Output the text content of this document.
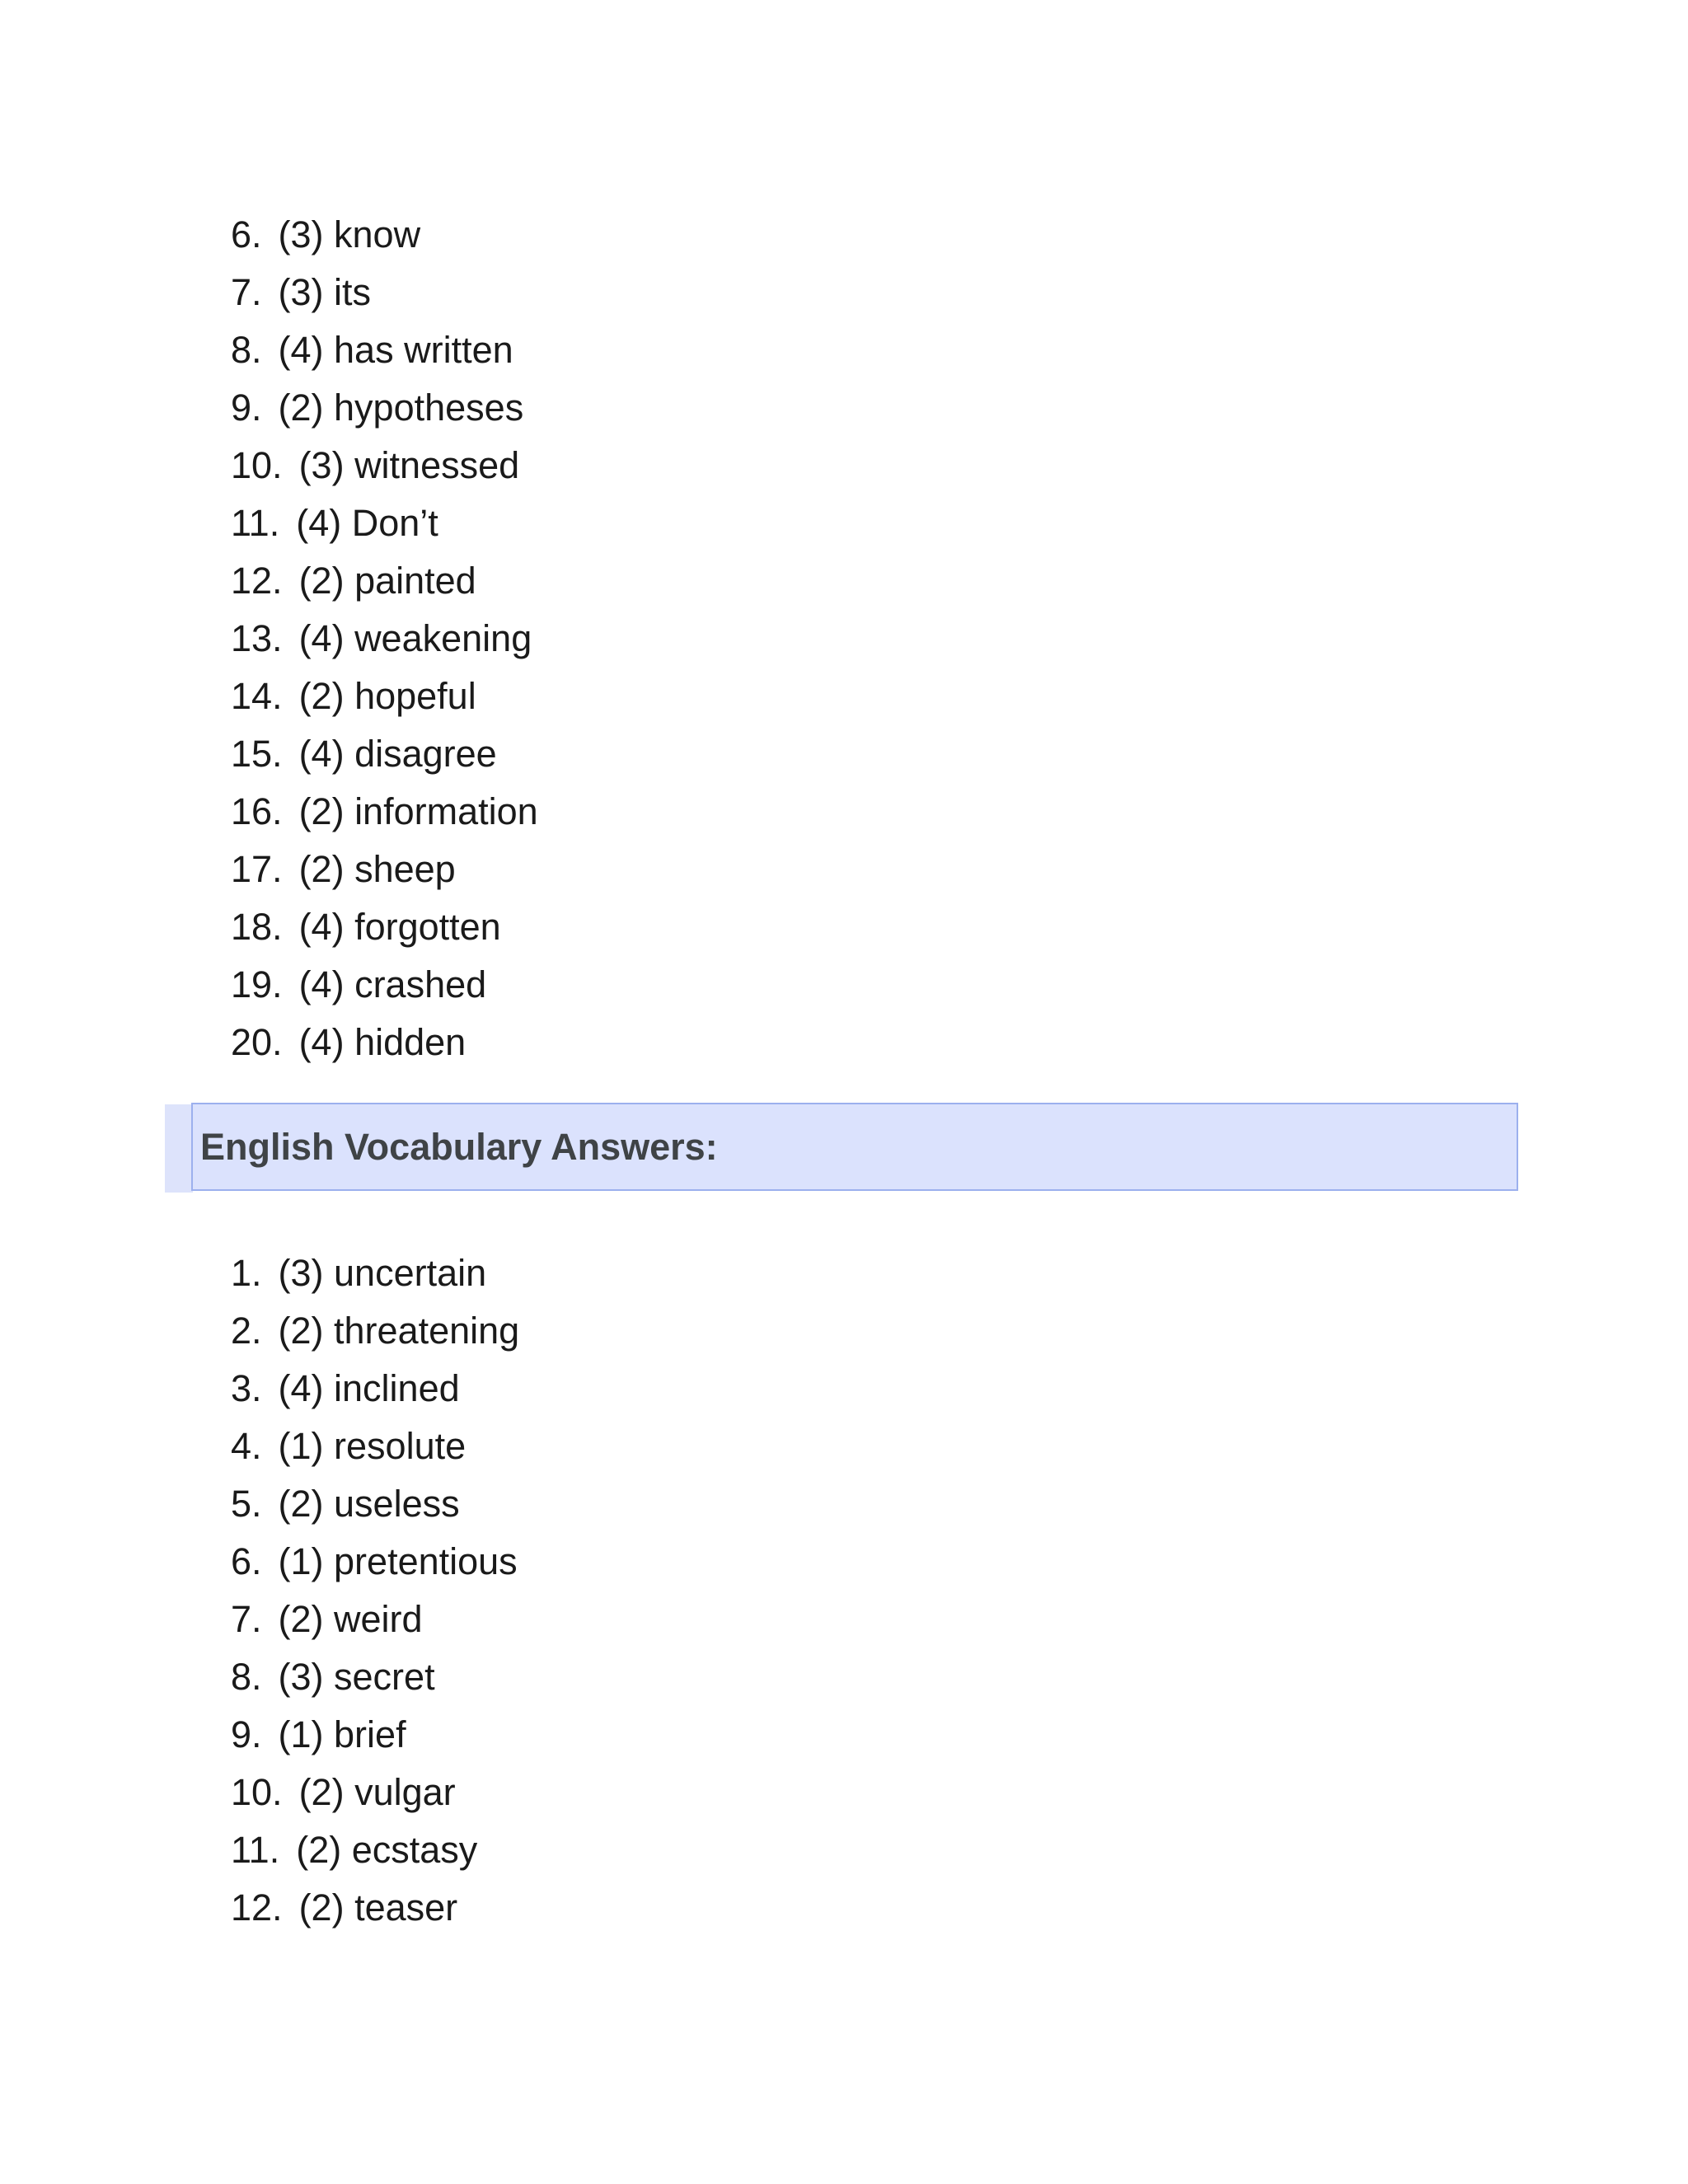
6. (3) know
7. (3) its
8. (4) has written
9. (2) hypotheses
10. (3) witnessed
11. (4) Don’t
12. (2) painted
13. (4) weakening
14. (2) hopeful
15. (4) disagree
16. (2) information
17. (2) sheep
18. (4) forgotten
19. (4) crashed
20. (4) hidden
English Vocabulary Answers:
1. (3) uncertain
2. (2) threatening
3. (4) inclined
4. (1) resolute
5. (2) useless
6. (1) pretentious
7. (2) weird
8. (3) secret
9. (1) brief
10. (2) vulgar
11. (2) ecstasy
12. (2) teaser
